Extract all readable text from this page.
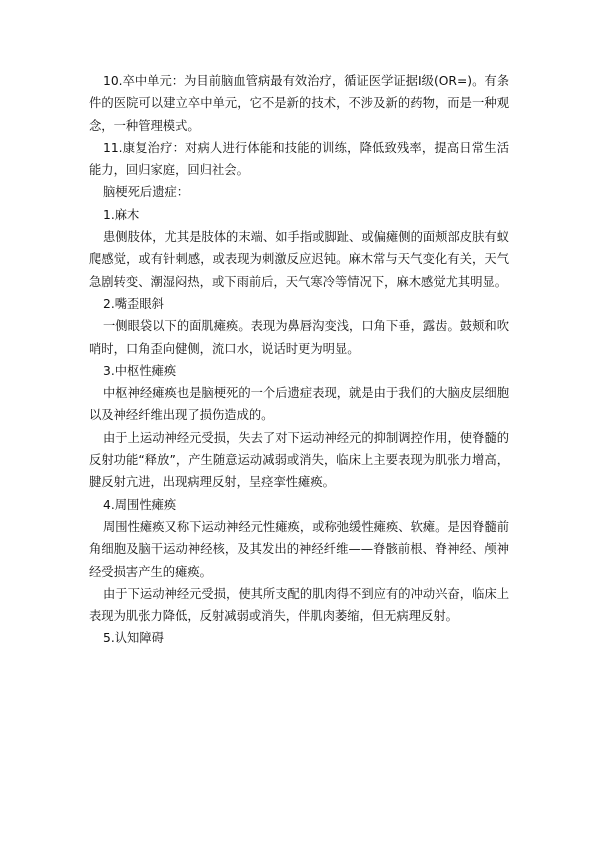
10.卒中单元：为目前脑血管病最有效治疗，循证医学证据I级(OR=)。有条件的医院可以建立卒中单元，它不是新的技术，不涉及新的药物，而是一种观念，一种管理模式。

11.康复治疗：对病人进行体能和技能的训练，降低致残率，提高日常生活能力，回归家庭，回归社会。

脑梗死后遗症：

1.麻木

患侧肢体，尤其是肢体的末端、如手指或脚趾、或偏瘫侧的面颊部皮肤有蚁爬感觉，或有针刺感，或表现为刺激反应迟钝。麻木常与天气变化有关，天气急剧转变、潮湿闷热，或下雨前后，天气寒冷等情况下，麻木感觉尤其明显。

2.嘴歪眼斜

一侧眼袋以下的面肌瘫痪。表现为鼻唇沟变浅，口角下垂，露齿。鼓颊和吹哨时，口角歪向健侧，流口水，说话时更为明显。

3.中枢性瘫痪

中枢神经瘫痪也是脑梗死的一个后遗症表现，就是由于我们的大脑皮层细胞以及神经纤维出现了损伤造成的。

由于上运动神经元受损，失去了对下运动神经元的抑制调控作用，使脊髓的反射功能“释放”，产生随意运动减弱或消失，临床上主要表现为肌张力增高，腱反射亢进，出现病理反射，呈痉挛性瘫痪。

4.周围性瘫痪

周围性瘫痪又称下运动神经元性瘫痪，或称弛缓性瘫痪、软瘫。是因脊髓前角细胞及脑干运动神经核，及其发出的神经纤维——脊骸前根、脊神经、颅神经受损害产生的瘫痪。

由于下运动神经元受损，使其所支配的肌肉得不到应有的冲动兴奋，临床上表现为肌张力降低，反射减弱或消失，伴肌肉萎缩，但无病理反射。

5.认知障碍
